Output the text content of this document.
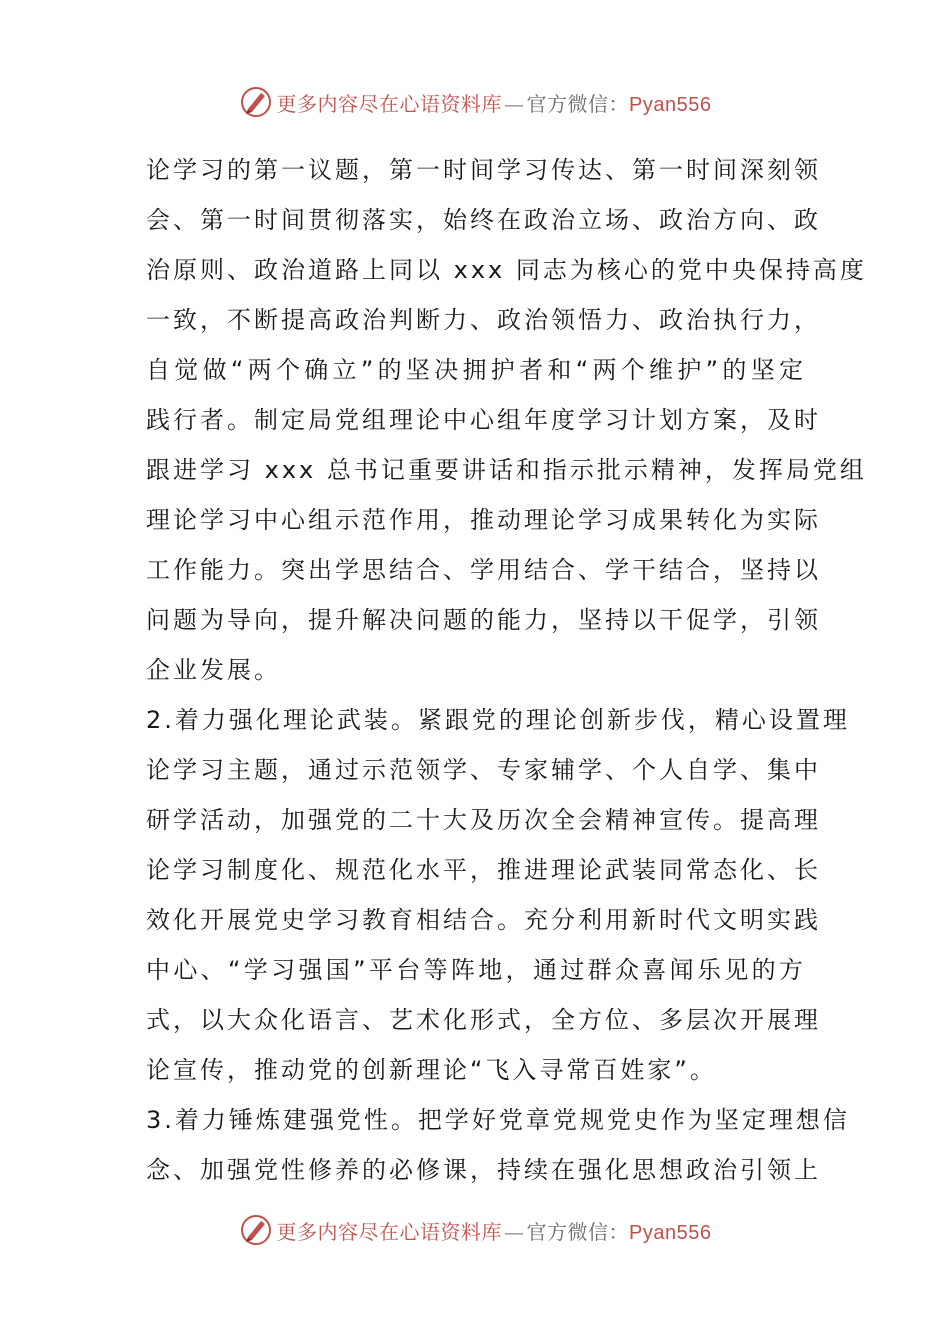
更多内容尽在心语资料库 — 官方微信：Pyan556
论学习的第一议题，第一时间学习传达、第一时间深刻领
会、第一时间贯彻落实，始终在政治立场、政治方向、政
治原则、政治道路上同以 xxx 同志为核心的党中央保持高度
一致，不断提高政治判断力、政治领悟力、政治执行力，
自觉做“两个确立”的坚决拥护者和“两个维护”的坚定
践行者。制定局党组理论中心组年度学习计划方案，及时
跟进学习 xxx 总书记重要讲话和指示批示精神，发挥局党组
理论学习中心组示范作用，推动理论学习成果转化为实际
工作能力。突出学思结合、学用结合、学干结合，坚持以
问题为导向，提升解决问题的能力，坚持以干促学，引领
企业发展。
2.着力强化理论武装。紧跟党的理论创新步伐，精心设置理
论学习主题，通过示范领学、专家辅学、个人自学、集中
研学活动，加强党的二十大及历次全会精神宣传。提高理
论学习制度化、规范化水平，推进理论武装同常态化、长
效化开展党史学习教育相结合。充分利用新时代文明实践
中心、“学习强国”平台等阵地，通过群众喜闻乐见的方
式，以大众化语言、艺术化形式，全方位、多层次开展理
论宣传，推动党的创新理论“飞入寻常百姓家”。
3.着力锤炼建强党性。把学好党章党规党史作为坚定理想信
念、加强党性修养的必修课，持续在强化思想政治引领上
更多内容尽在心语资料库 — 官方微信：Pyan556
